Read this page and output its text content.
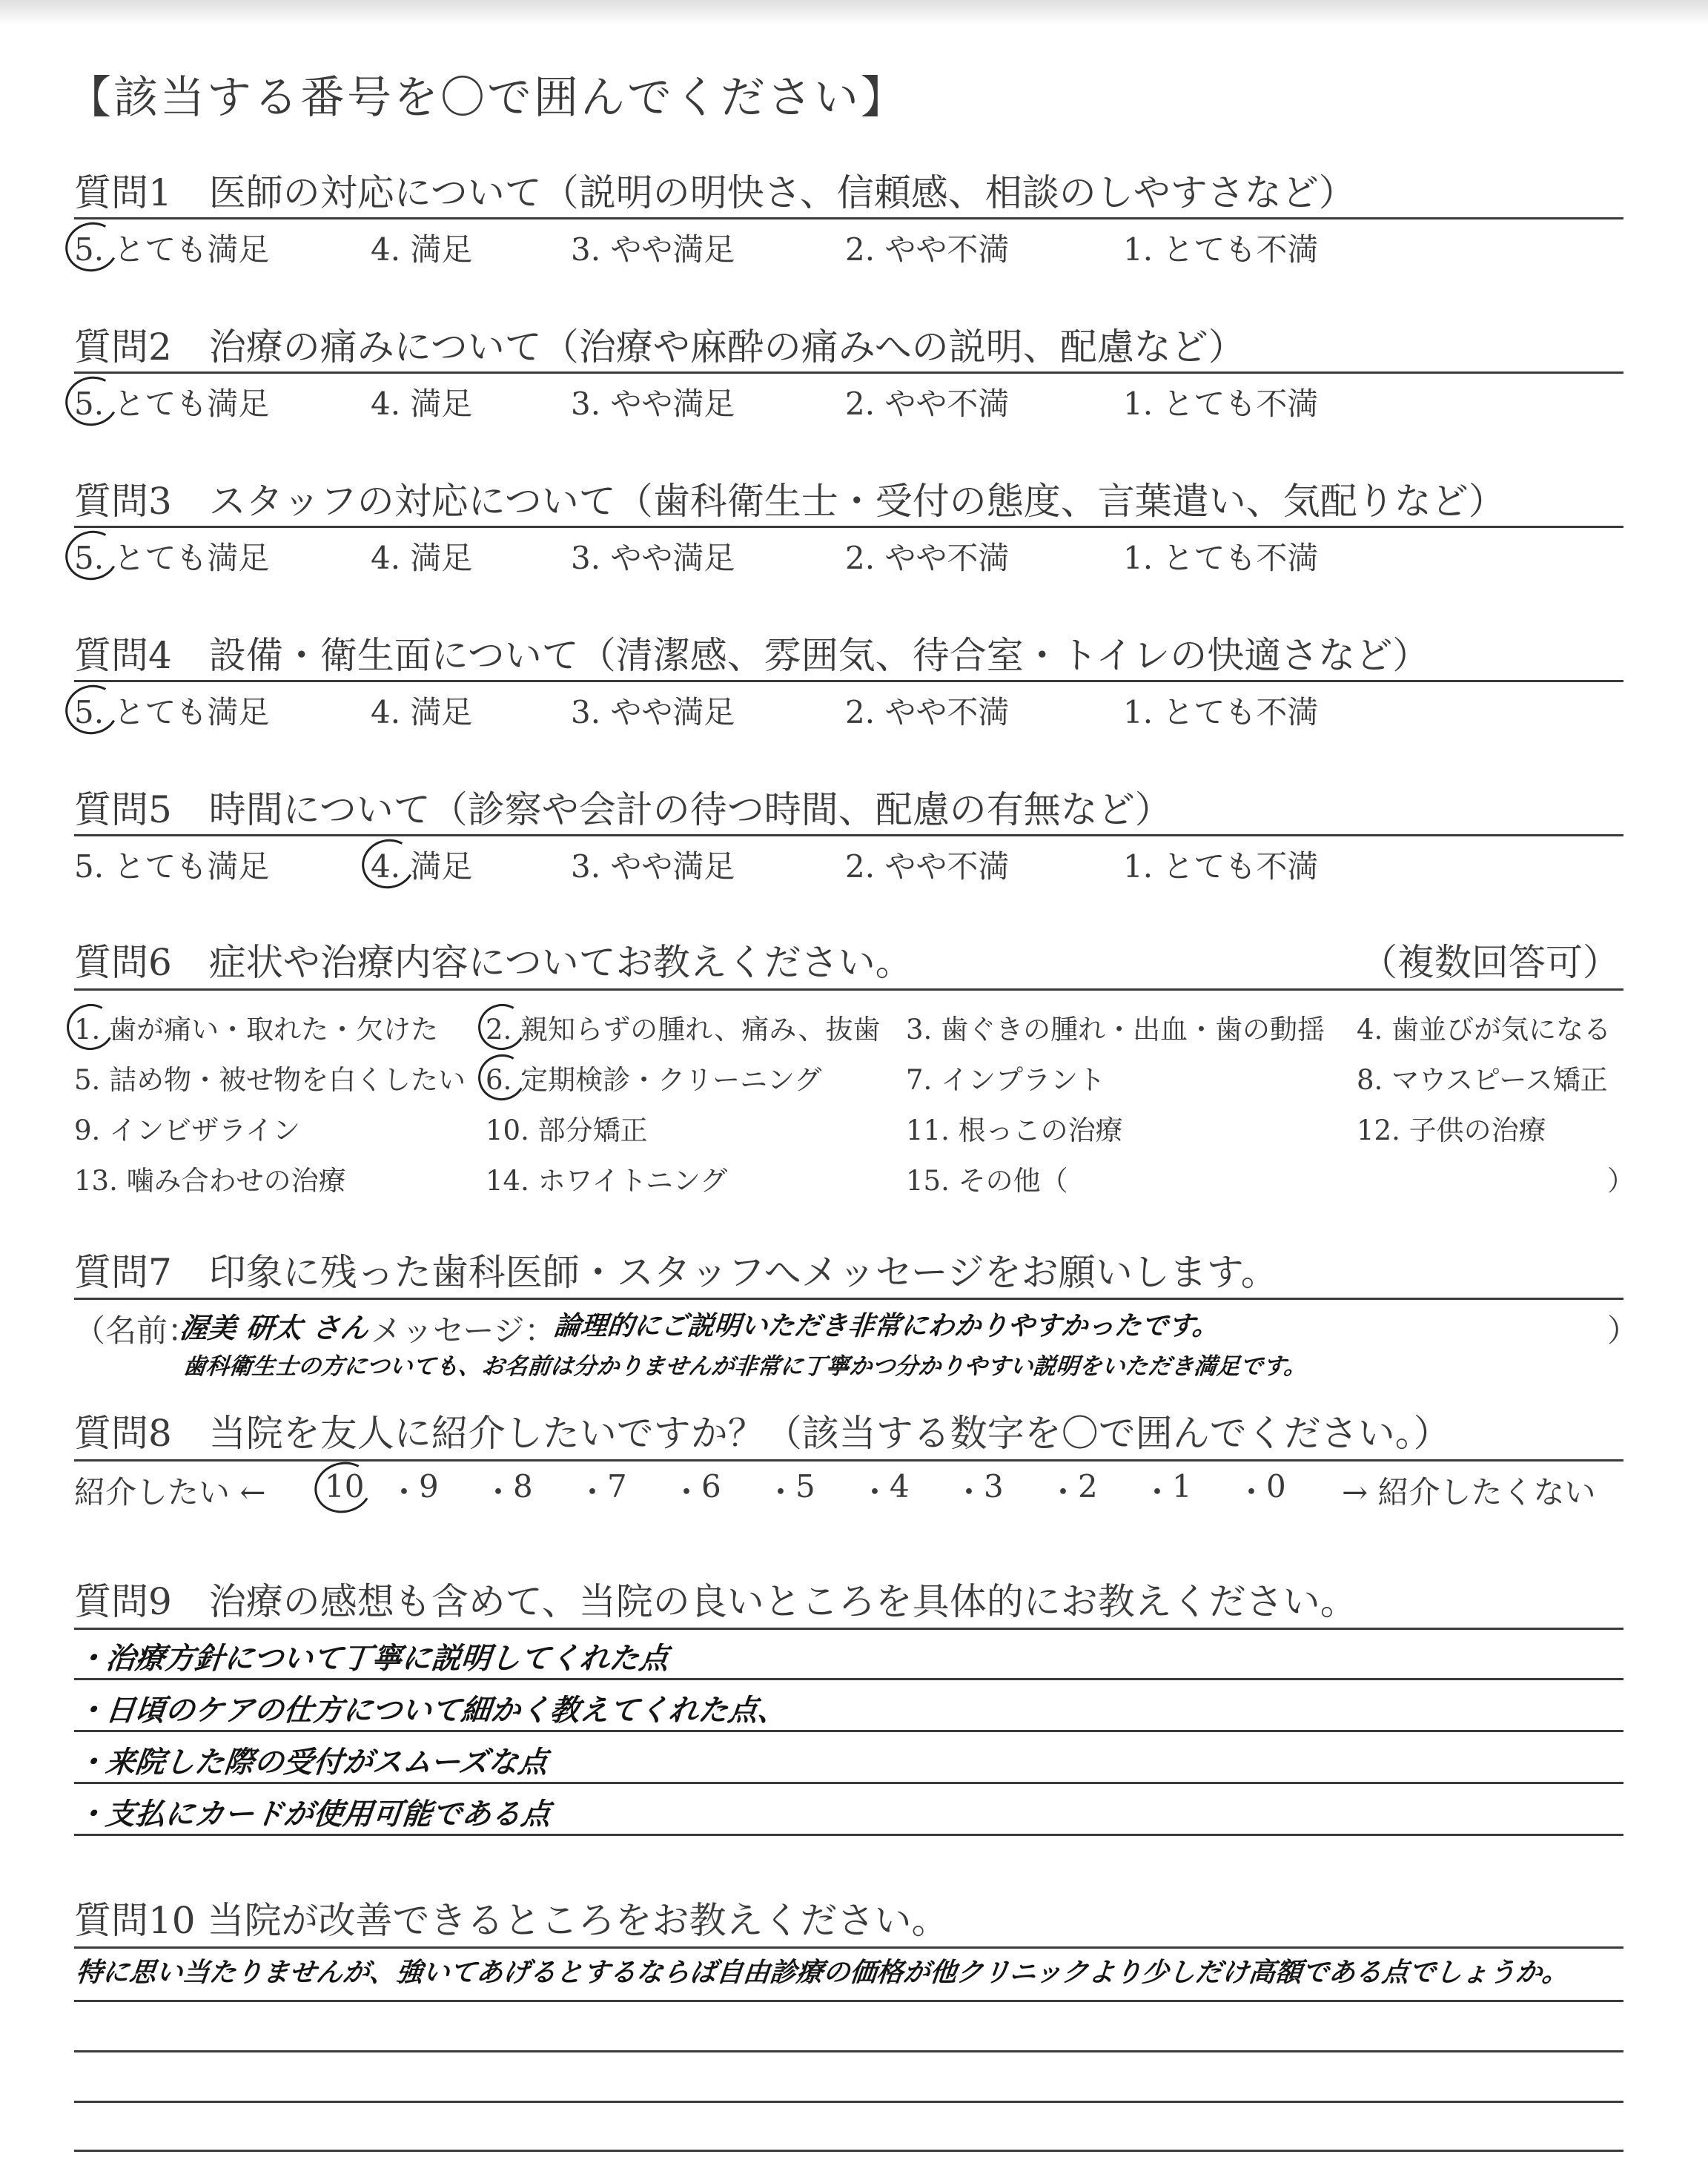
【該当する番号を〇で囲んでください】
質問1　医師の対応について（説明の明快さ、信頼感、相談のしやすさなど）
5. とても満足	4. 満足	3. やや満足	2. やや不満	1. とても不満
質問2　治療の痛みについて（治療や麻酔の痛みへの説明、配慮など）
5. とても満足	4. 満足	3. やや満足	2. やや不満	1. とても不満
質問3　スタッフの対応について（歯科衛生士・受付の態度、言葉遣い、気配りなど）
5. とても満足	4. 満足	3. やや満足	2. やや不満	1. とても不満
質問4　設備・衛生面について（清潔感、雰囲気、待合室・トイレの快適さなど）
5. とても満足	4. 満足	3. やや満足	2. やや不満	1. とても不満
質問5　時間について（診察や会計の待つ時間、配慮の有無など）
5. とても満足	4. 満足	3. やや満足	2. やや不満	1. とても不満
質問6　症状や治療内容についてお教えください。	（複数回答可）
1. 歯が痛い・取れた・欠けた 2. 親知らずの腫れ、痛み、抜歯 3. 歯ぐきの腫れ・出血・歯の動揺 4. 歯並びが気になる
5. 詰め物・被せ物を白くしたい 6. 定期検診・クリーニング	7. インプラント	8. マウスピース矯正
9. インビザライン	10. 部分矯正	11. 根っこの治療	12. 子供の治療
13. 噛み合わせの治療	14. ホワイトニング	15. その他（	）
質問7　印象に残った歯科医師・スタッフへメッセージをお願いします。
（名前：
渥美 研太 さん メッセージ：
論理的にご説明いただき非常にわかりやすかったです。	）
歯科衛生士の方についても、お名前は分かりませんが非常に丁寧かつ分かりやすい説明をいただき満足です。
質問8　当院を友人に紹介したいですか？（該当する数字を〇で囲んでください。）
紹介したい ← 10 ・
9 ・
8 ・
7 ・
6 ・
5 ・
4 ・
3 ・
2 ・
1 ・
0 → 紹介したくない
質問9　治療の感想も含めて、当院の良いところを具体的にお教えください。
・治療方針について丁寧に説明してくれた点
・日頃のケアの仕方について細かく教えてくれた点、
・来院した際の受付がスムーズな点
・支払にカードが使用可能である点
質問10 当院が改善できるところをお教えください。
特に思い当たりませんが、強いてあげるとするならば自由診療の価格が他クリニックより少しだけ高額である点でしょうか。
